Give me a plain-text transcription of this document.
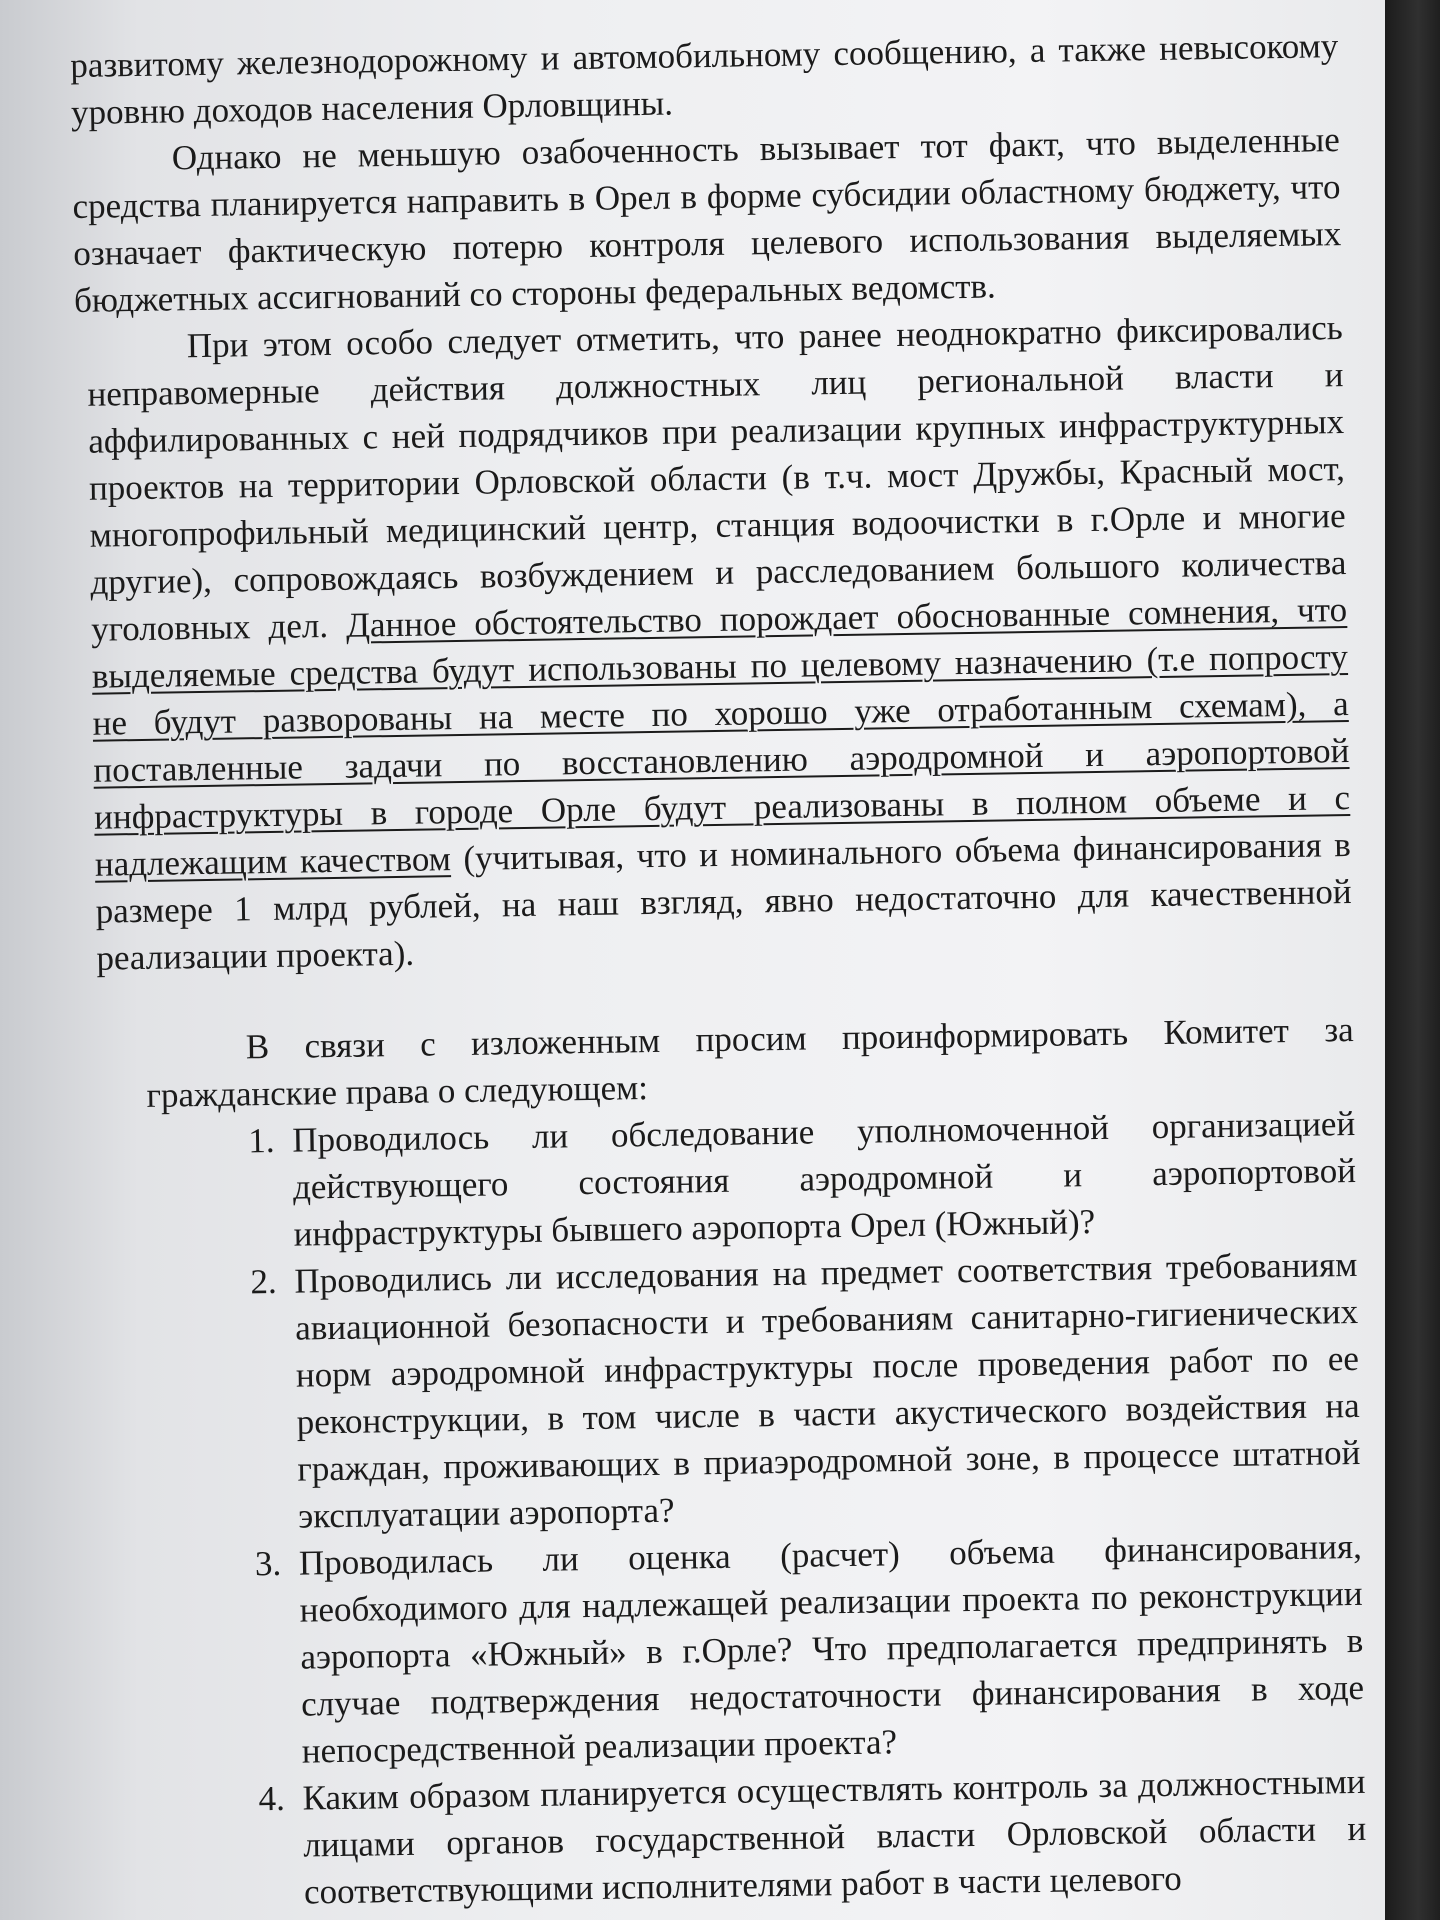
развитому железнодорожному и автомобильному сообщению, а также невысокому уровню доходов населения Орловщины.

Однако не меньшую озабоченность вызывает тот факт, что выделенные средства планируется направить в Орел в форме субсидии областному бюджету, что означает фактическую потерю контроля целевого использования выделяемых бюджетных ассигнований со стороны федеральных ведомств.

При этом особо следует отметить, что ранее неоднократно фиксировались неправомерные действия должностных лиц региональной власти и аффилированных с ней подрядчиков при реализации крупных инфраструктурных проектов на территории Орловской области (в т.ч. мост Дружбы, Красный мост, многопрофильный медицинский центр, станция водоочистки в г.Орле и многие другие), сопровождаясь возбуждением и расследованием большого количества уголовных дел. Данное обстоятельство порождает обоснованные сомнения, что выделяемые средства будут использованы по целевому назначению (т.е попросту не будут разворованы на месте по хорошо уже отработанным схемам), а поставленные задачи по восстановлению аэродромной и аэропортовой инфраструктуры в городе Орле будут реализованы в полном объеме и с надлежащим качеством (учитывая, что и номинального объема финансирования в размере 1 млрд рублей, на наш взгляд, явно недостаточно для качественной реализации проекта).

В связи с изложенным просим проинформировать Комитет за гражданские права о следующем:

1. Проводилось ли обследование уполномоченной организацией действующего состояния аэродромной и аэропортовой инфраструктуры бывшего аэропорта Орел (Южный)?
2. Проводились ли исследования на предмет соответствия требованиям авиационной безопасности и требованиям санитарно-гигиенических норм аэродромной инфраструктуры после проведения работ по ее реконструкции, в том числе в части акустического воздействия на граждан, проживающих в приаэродромной зоне, в процессе штатной эксплуатации аэропорта?
3. Проводилась ли оценка (расчет) объема финансирования, необходимого для надлежащей реализации проекта по реконструкции аэропорта «Южный» в г.Орле? Что предполагается предпринять в случае подтверждения недостаточности финансирования в ходе непосредственной реализации проекта?
4. Каким образом планируется осуществлять контроль за должностными лицами органов государственной власти Орловской области и соответствующими исполнителями работ в части целевого
